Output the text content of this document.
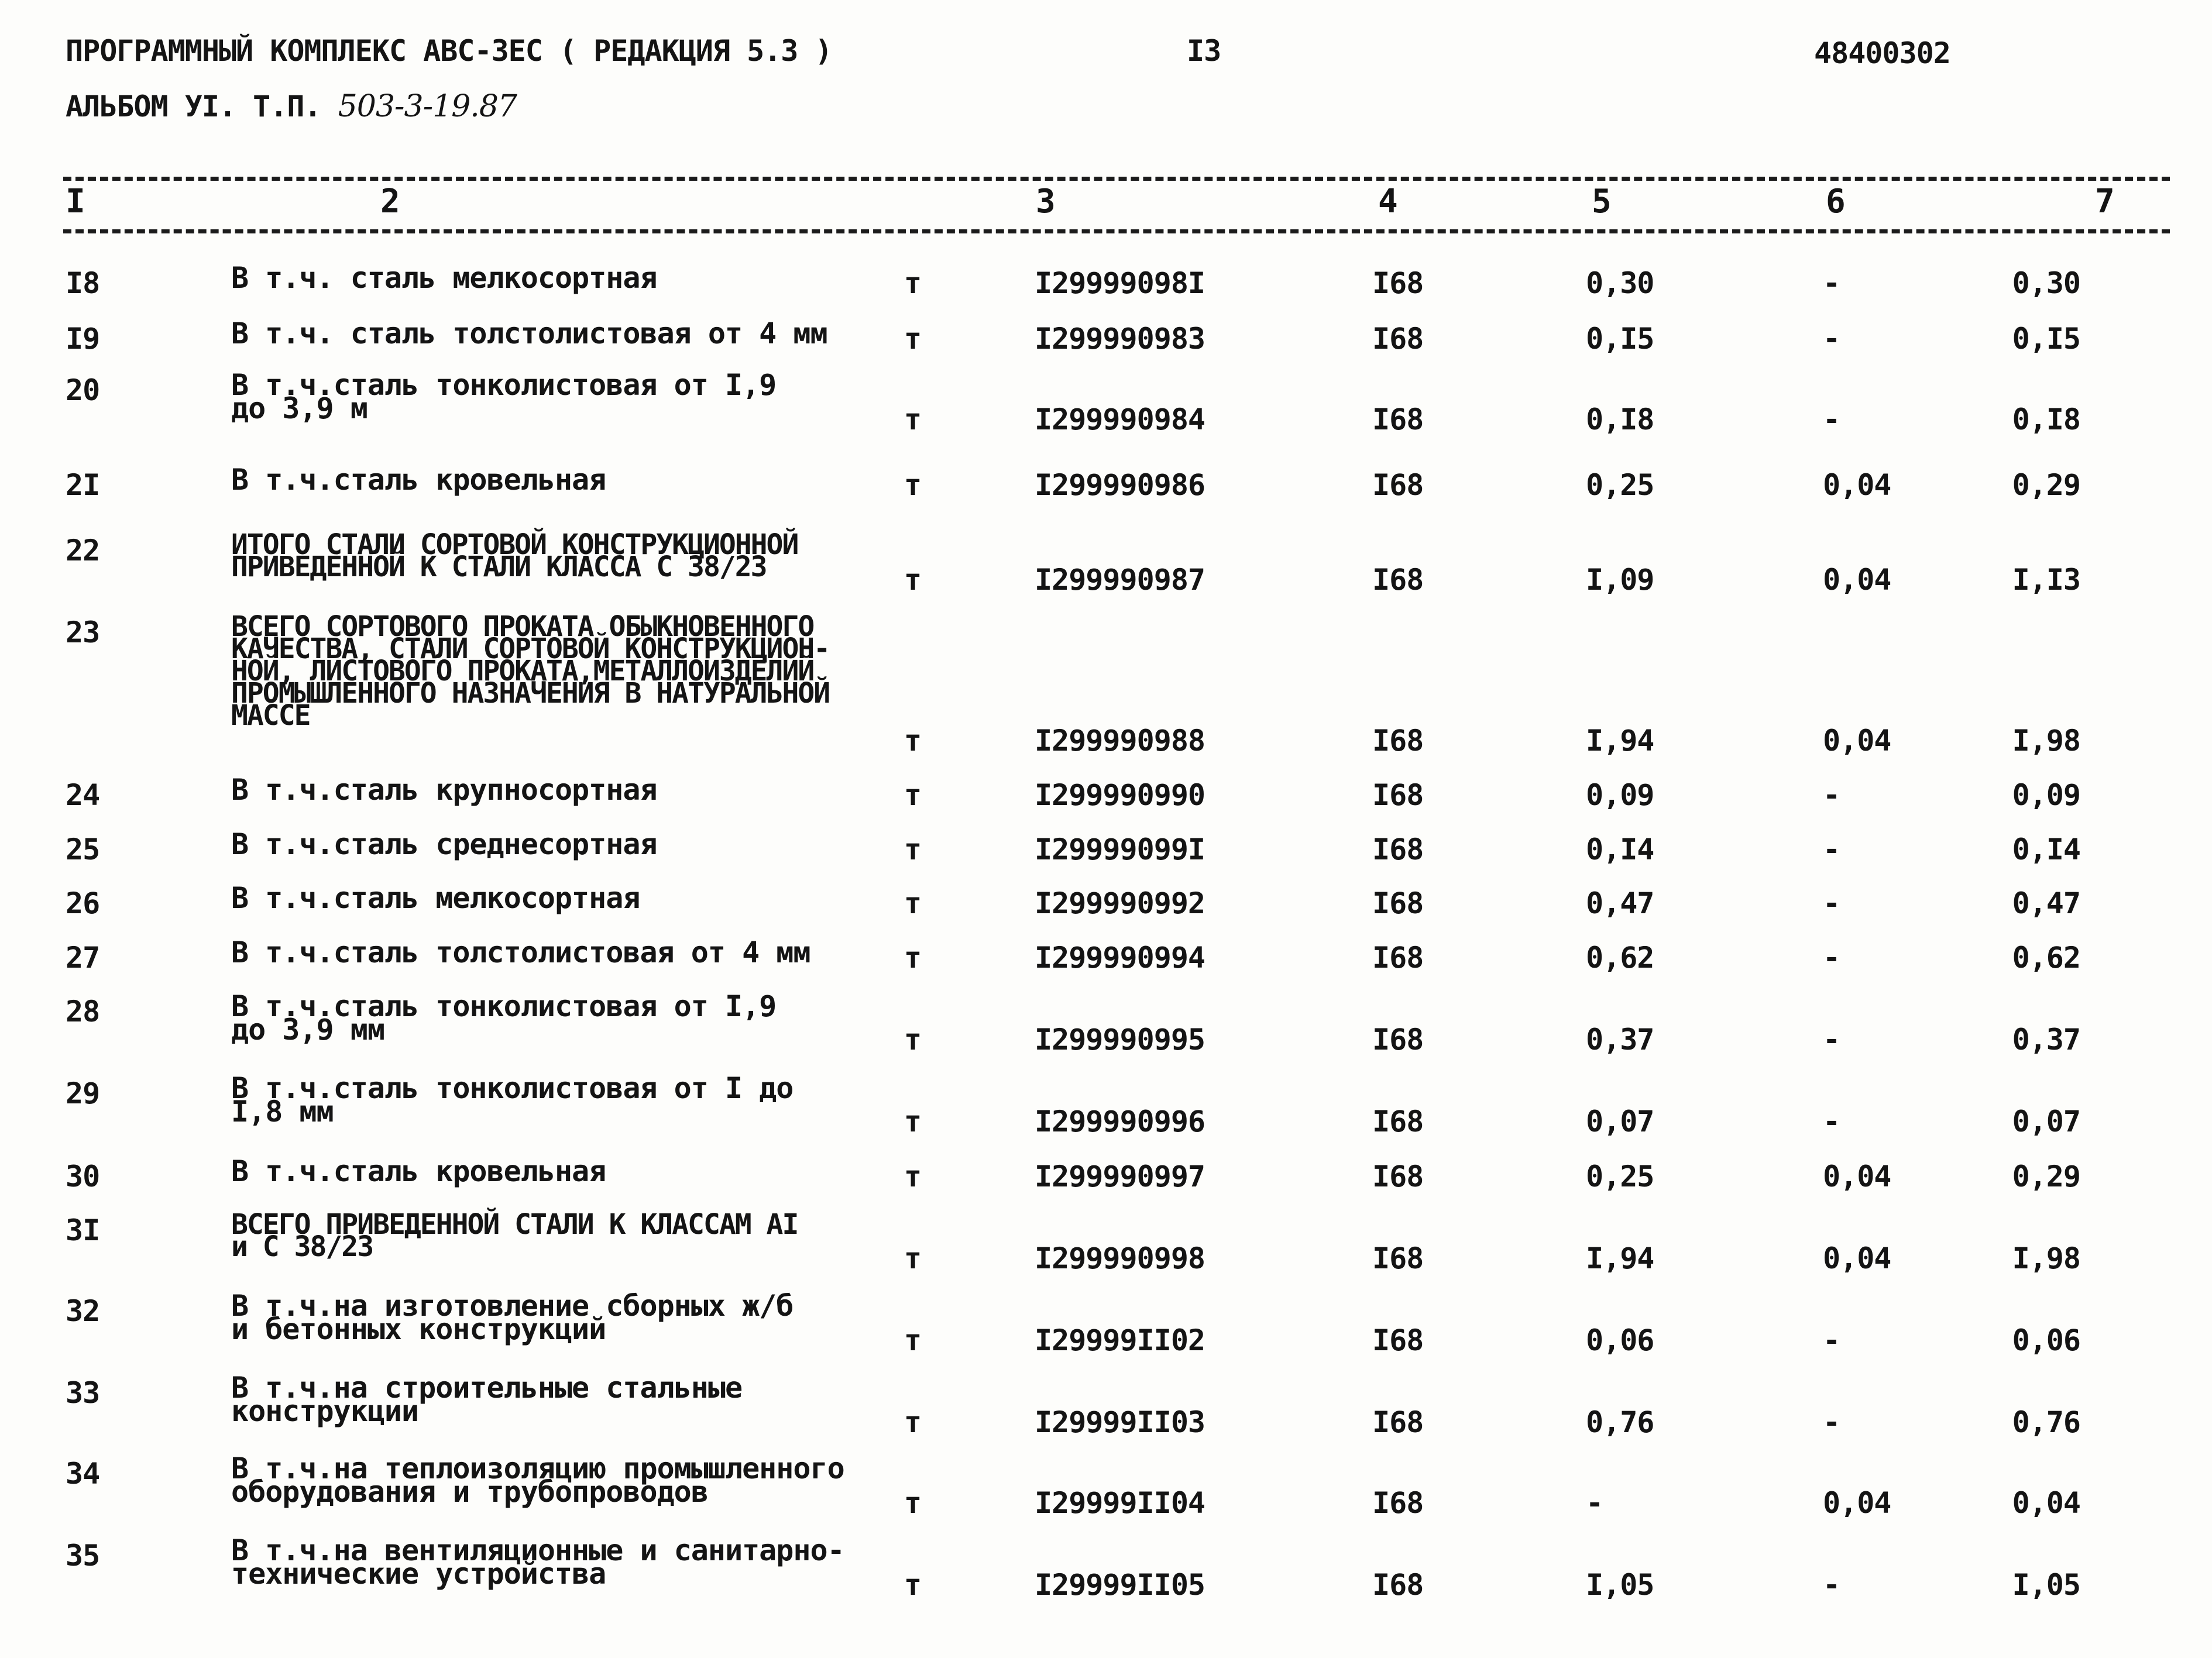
ПРОГРАММНЫЙ КОМПЛЕКС АВС-3ЕС ( РЕДАКЦИЯ 5.3 )	I3	48400302
АЛЬБОМ УI. Т.П. 503-3-19.87
I	2	3	4	5	6	7
I8	В т.ч. сталь мелкосортная	т	I29999098I	I68	0,30	-	0,30
I9	В т.ч. сталь толстолистовая от 4 мм	т	I299990983	I68	0,I5	-	0,I5
20	В т.ч.сталь тонколистовая от I,9
до 3,9 м	т	I299990984	I68	0,I8	-	0,I8
2I	В т.ч.сталь кровельная	т	I299990986	I68	0,25	0,04	0,29
22	ИТОГО СТАЛИ СОРТОВОЙ КОНСТРУКЦИОННОЙ
ПРИВЕДЕННОЙ К СТАЛИ КЛАССА С 38/23	т	I299990987	I68	I,09	0,04	I,I3
23	ВСЕГО СОРТОВОГО ПРОКАТА ОБЫКНОВЕННОГО
КАЧЕСТВА, СТАЛИ СОРТОВОЙ КОНСТРУКЦИОН-
НОЙ, ЛИСТОВОГО ПРОКАТА,МЕТАЛЛОИЗДЕЛИЙ
ПРОМЫШЛЕННОГО НАЗНАЧЕНИЯ В НАТУРАЛЬНОЙ
МАССЕ
т	I299990988	I68	I,94	0,04	I,98
24	В т.ч.сталь крупносортная	т	I299990990	I68	0,09	-	0,09
25	В т.ч.сталь среднесортная	т	I29999099I	I68	0,I4	-	0,I4
26	В т.ч.сталь мелкосортная	т	I299990992	I68	0,47	-	0,47
27	В т.ч.сталь толстолистовая от 4 мм	т	I299990994	I68	0,62	-	0,62
28	В т.ч.сталь тонколистовая от I,9
до 3,9 мм	т	I299990995	I68	0,37	-	0,37
29	В т.ч.сталь тонколистовая от I до
I,8 мм	т	I299990996	I68	0,07	-	0,07
30	В т.ч.сталь кровельная	т	I299990997	I68	0,25	0,04	0,29
3I	ВСЕГО ПРИВЕДЕННОЙ СТАЛИ К КЛАССАМ АI
и С 38/23	т	I299990998	I68	I,94	0,04	I,98
32	В т.ч.на изготовление сборных ж/б
и бетонных конструкций	т	I29999II02	I68	0,06	-	0,06
33	В т.ч.на строительные стальные
конструкции	т	I29999II03	I68	0,76	-	0,76
34	В т.ч.на теплоизоляцию промышленного
оборудования и трубопроводов	т	I29999II04	I68	-	0,04	0,04
35	В т.ч.на вентиляционные и санитарно-
технические устройства	т	I29999II05	I68	I,05	-	I,05
